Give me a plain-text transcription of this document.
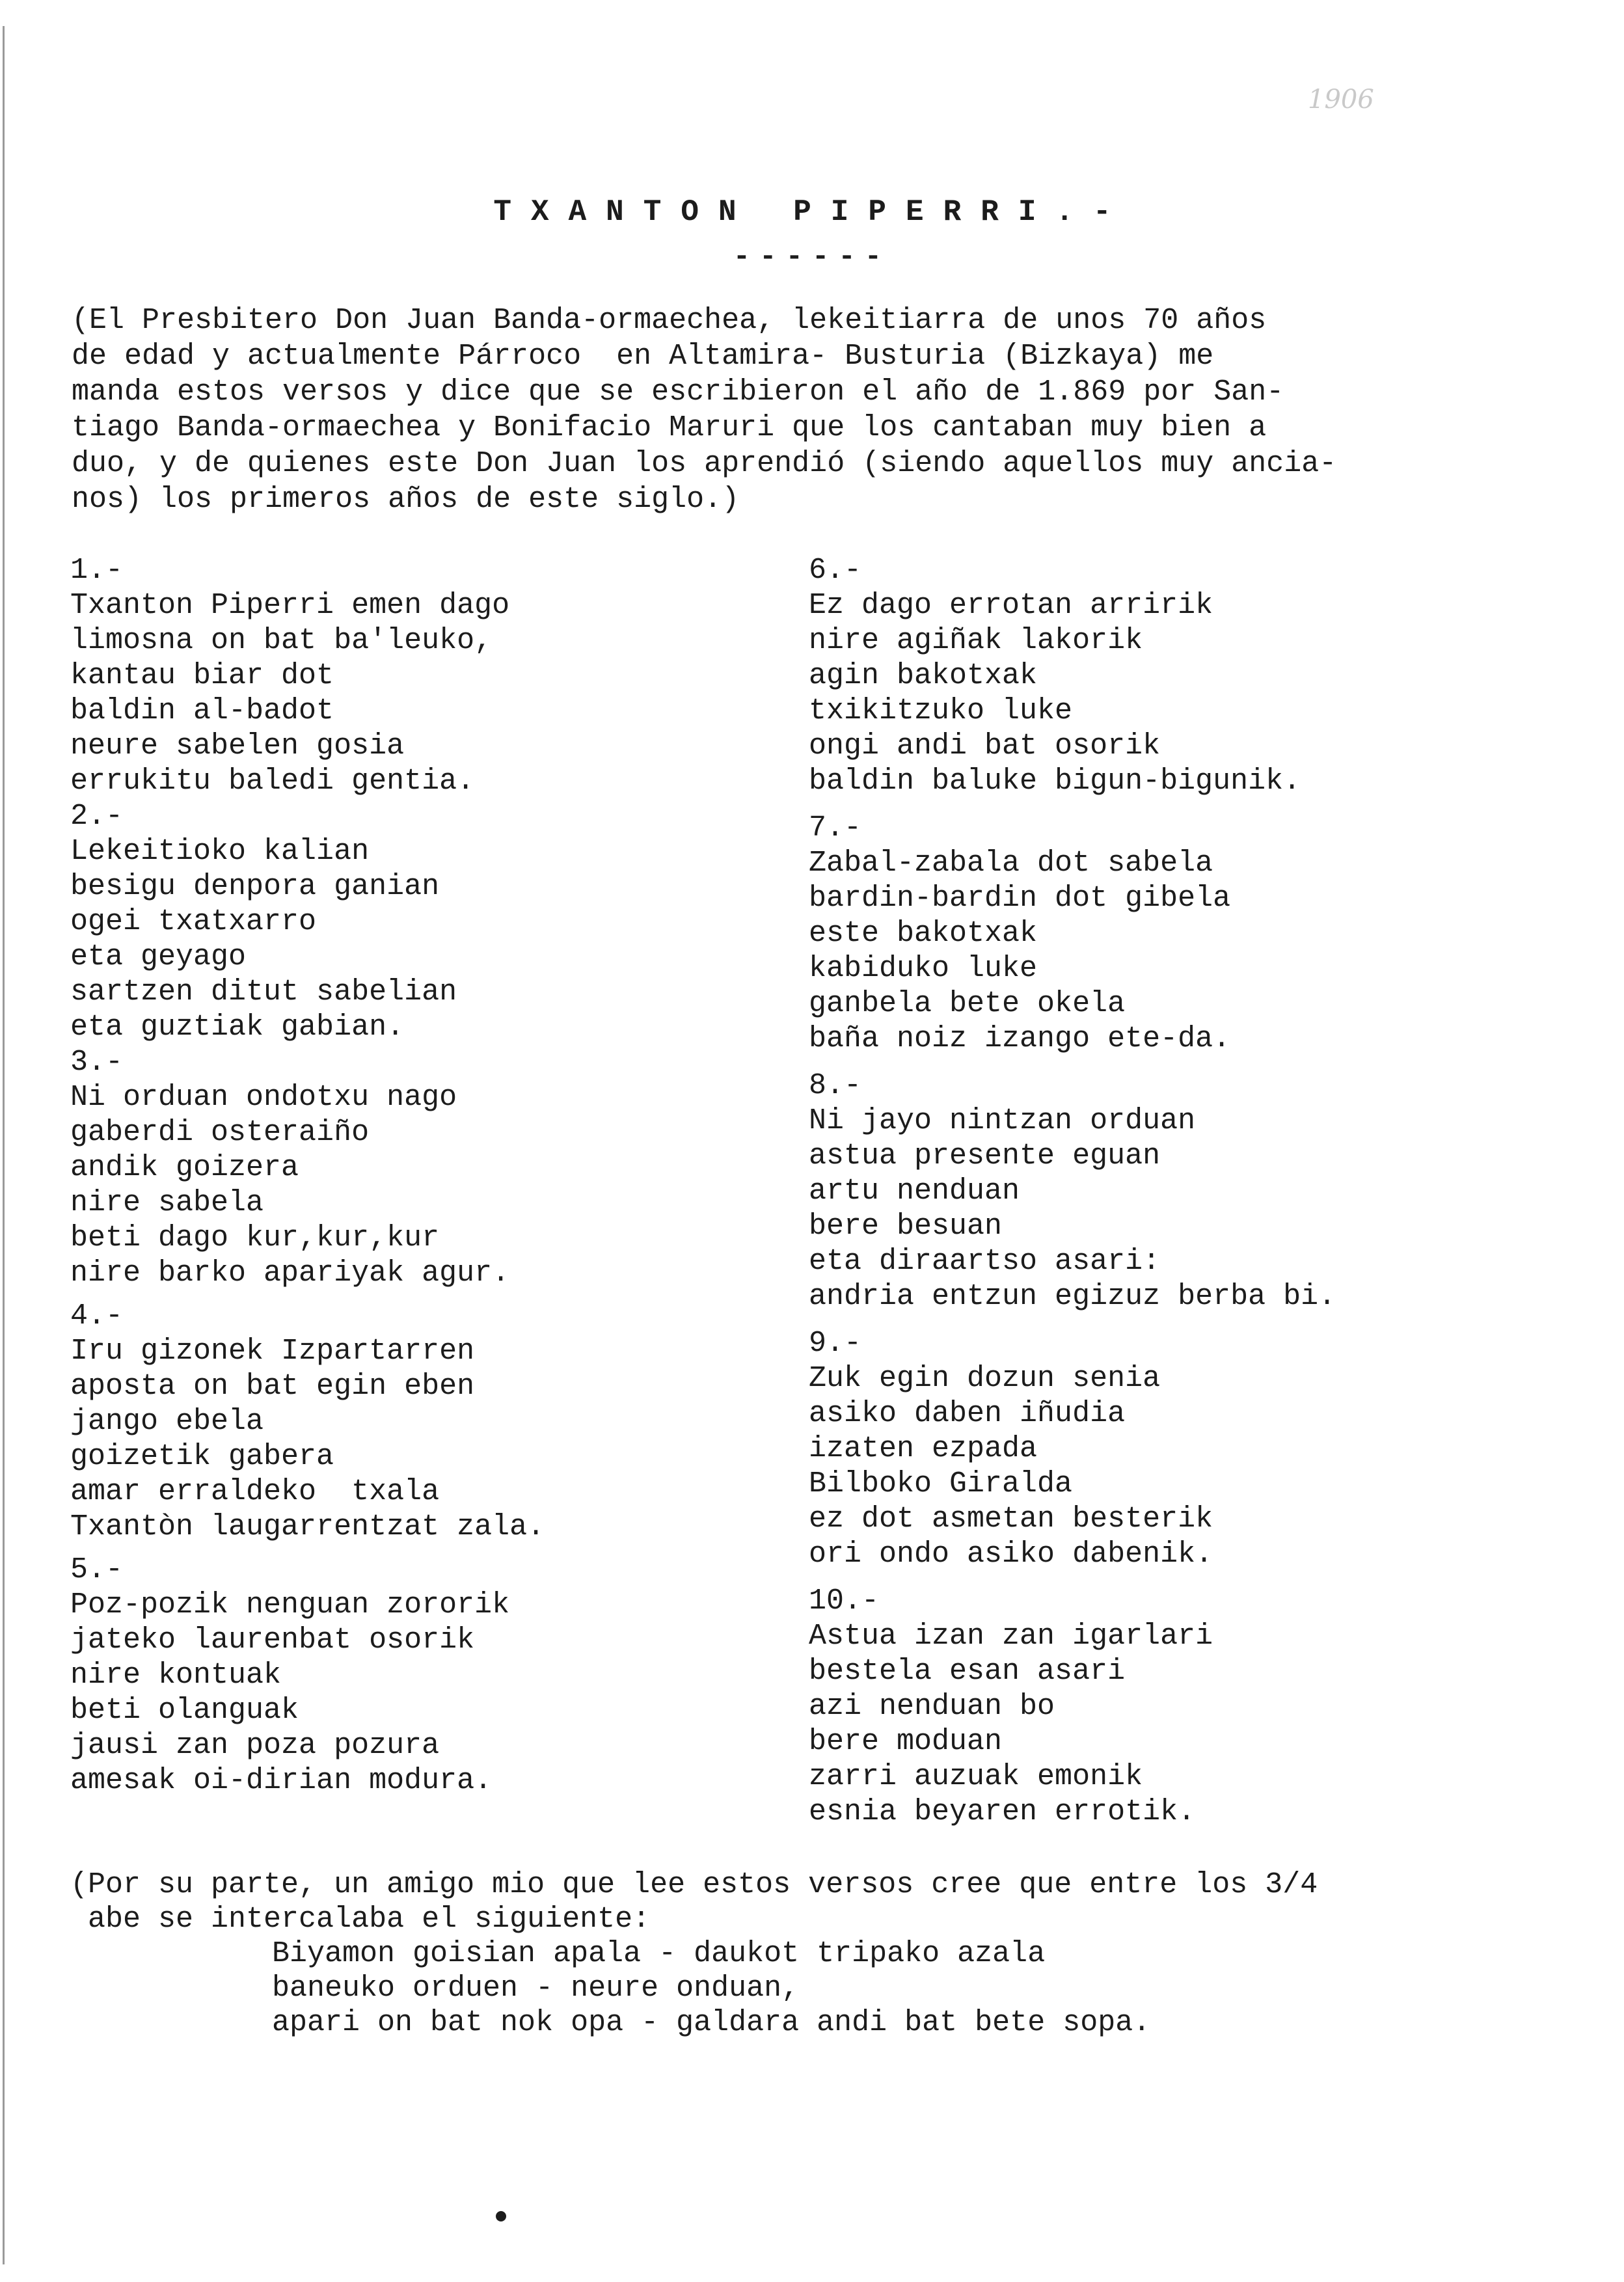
1906
TXANTON PIPERRI.-
------

(El Presbitero Don Juan Banda-ormaechea, lekeitiarra de unos 70 años

de edad y actualmente Párroco  en Altamira- Busturia (Bizkaya) me

manda estos versos y dice que se escribieron el año de 1.869 por San-

tiago Banda-ormaechea y Bonifacio Maruri que los cantaban muy bien a

duo, y de quienes este Don Juan los aprendió (siendo aquellos muy ancia-

nos) los primeros años de este siglo.)

1.-
Txanton Piperri emen dago
limosna on bat ba'leuko,
kantau biar dot
baldin al-badot
neure sabelen gosia
errukitu baledi gentia.
2.-
Lekeitioko kalian
besigu denpora ganian
ogei txatxarro
eta geyago
sartzen ditut sabelian
eta guztiak gabian.
3.-
Ni orduan ondotxu nago
gaberdi osteraiño
andik goizera
nire sabela
beti dago kur,kur,kur
nire barko apariyak agur.
4.-
Iru gizonek Izpartarren
aposta on bat egin eben
jango ebela
goizetik gabera
amar erraldeko  txala
Txantòn laugarrentzat zala.
5.-
Poz-pozik nenguan zororik
jateko laurenbat osorik
nire kontuak
beti olanguak
jausi zan poza pozura
amesak oi-dirian modura.
6.-
Ez dago errotan arririk
nire agiñak lakorik
agin bakotxak
txikitzuko luke
ongi andi bat osorik
baldin baluke bigun-bigunik.
7.-
Zabal-zabala dot sabela
bardin-bardin dot gibela
este bakotxak
kabiduko luke
ganbela bete okela
baña noiz izango ete-da.
8.-
Ni jayo nintzan orduan
astua presente eguan
artu nenduan
bere besuan
eta diraartso asari:
andria entzun egizuz berba bi.
9.-
Zuk egin dozun senia
asiko daben iñudia
izaten ezpada
Bilboko Giralda
ez dot asmetan besterik
ori ondo asiko dabenik.
10.-
Astua izan zan igarlari
bestela esan asari
azi nenduan bo
bere moduan
zarri auzuak emonik
esnia beyaren errotik.

(Por su parte, un amigo mio que lee estos versos cree que entre los 3/4

abe se intercalaba el siguiente:

Biyamon goisian apala - daukot tripako azala

baneuko orduen - neure onduan,

apari on bat nok opa - galdara andi bat bete sopa.
